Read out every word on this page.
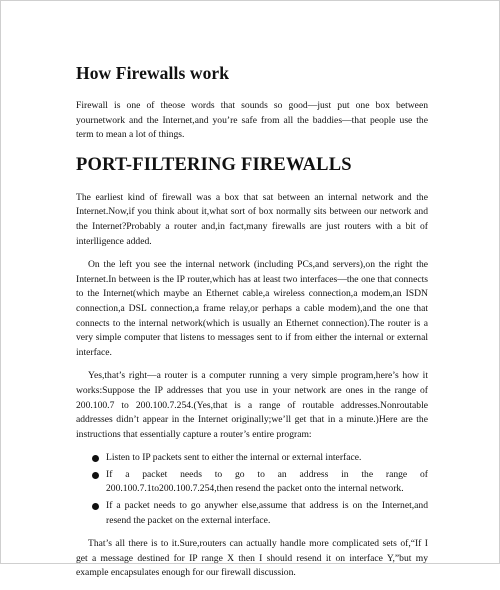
How Firewalls work

Firewall is one of theose words that sounds so good—just put one box between yournetwork and the Internet,and you’re safe from all the baddies—that people use the term to mean a lot of things.

PORT-FILTERING FIREWALLS

The earliest kind of firewall was a box that sat between an internal network and the Internet.Now,if you think about it,what sort of box normally sits between our network and the Internet?Probably a router and,in fact,many firewalls are just routers with a bit of interlligence added.

On the left you see the internal network (including PCs,and servers),on the right the Internet.In between is the IP router,which has at least two interfaces—the one that connects to the Internet(which maybe an Ethernet cable,a wireless connection,a modem,an ISDN connection,a DSL connection,a frame relay,or perhaps a cable modem),and the one that connects to the internal network(which is usually an Ethernet connection).The router is a very simple computer that listens to messages sent to if from either the internal or external interface.

Yes,that’s right—a router is a computer running a very simple program,here’s how it works:Suppose the IP addresses that you use in your network are ones in the range of 200.100.7 to 200.100.7.254.(Yes,that is a range of routable addresses.Nonroutable addresses didn’t appear in the Internet originally;we’ll get that in a minute.)Here are the instructions that essentially capture a router’s entire program:

Listen to IP packets sent to either the internal or external interface.
If a packet needs to go to an address in the range of 200.100.7.1to200.100.7.254,then resend the packet onto the internal network.
If a packet needs to go anywher else,assume that address is on the Internet,and resend the packet on the external interface.

That’s all there is to it.Sure,routers can actually handle more complicated sets of,“If I get a message destined for IP range X then I should resend it on interface Y,”but my example encapsulates enough for our firewall discussion.
